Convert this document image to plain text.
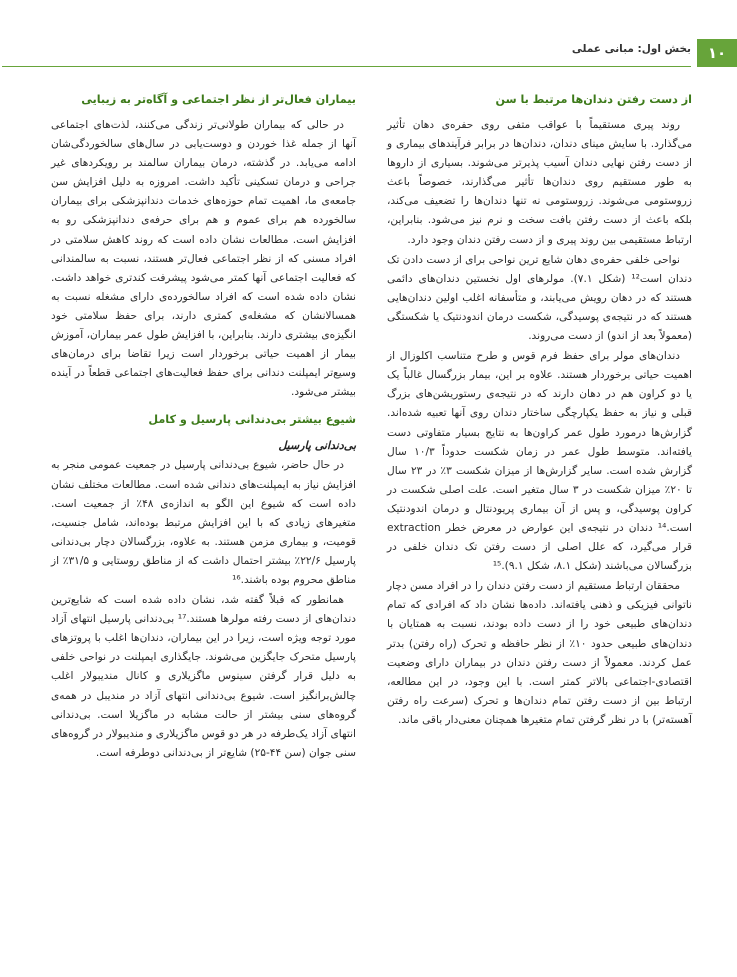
۱۰
بخش اول: مبانی عملی
از دست رفتن دندان‌ها مرتبط با سن

روند پیری مستقیماً با عواقب متفی روی حفره‌ی دهان تأثیر می‌گذارد. با سایش مینای دندان، دندان‌ها در برابر فرآیندهای بیماری و از دست رفتن نهایی دندان آسیب پذیرتر می‌شوند. بسیاری از داروها به طور مستقیم روی دندان‌ها تأثیر می‌گذارند، خصوصاً باعث زروستومی می‌شوند. زروستومی نه تنها دندان‌ها را تضعیف می‌کند، بلکه باعث از دست رفتن بافت سخت و نرم نیز می‌شود. بنابراین، ارتباط مستقیمی بین روند پیری و از دست رفتن دندان وجود دارد.

نواحی خلفی حفره‌ی دهان شایع ترین نواحی برای از دست دادن تک دندان است¹² (شکل ۷.۱). مولرهای اول نخستین دندان‌های دائمی هستند که در دهان رویش می‌یابند، و متأسفانه اغلب اولین دندان‌هایی هستند که در نتیجه‌ی پوسیدگی، شکست درمان اندودنتیک یا شکستگی (معمولاً بعد از اندو) از دست می‌روند.

دندان‌های مولر برای حفظ فرم قوس و طرح متناسب اکلوزال از اهمیت حیاتی برخوردار هستند. علاوه بر این، بیمار بزرگسال غالباً یک یا دو کراون هم در دهان دارند که در نتیجه‌ی رستوریشن‌های بزرگ قبلی و نیاز به حفظ یکپارچگی ساختار دندان روی آنها تعبیه شده‌اند. گزارش‌ها درمورد طول عمر کراون‌ها به نتایج بسیار متفاوتی دست یافته‌اند. متوسط طول عمر در زمان شکست حدوداً ۱۰/۳ سال گزارش شده است. سایر گزارش‌ها از میزان شکست ۳٪ در ۲۳ سال تا ۲۰٪ میزان شکست در ۳ سال متغیر است. علت اصلی شکست در کراون پوسیدگی، و پس از آن بیماری پریودنتال و درمان اندودنتیک است.¹⁴ دندان در نتیجه‌ی این عوارض در معرض خطر extraction قرار می‌گیرد، که علل اصلی از دست رفتن تک دندان خلفی در بزرگسالان می‌باشند (شکل ۸.۱، شکل ۹.۱).¹⁵

محققان ارتباط مستقیم از دست رفتن دندان را در افراد مسن دچار ناتوانی فیزیکی و ذهنی یافته‌اند. داده‌ها نشان داد که افرادی که تمام دندان‌های طبیعی خود را از دست داده بودند، نسبت به همتایان با دندان‌های طبیعی حدود ۱۰٪ از نظر حافظه و تحرک (راه رفتن) بدتر عمل کردند. معمولاً از دست رفتن دندان در بیماران دارای وضعیت اقتصادی-اجتماعی بالاتر کمتر است. با این وجود، در این مطالعه، ارتباط بین از دست رفتن تمام دندان‌ها و تحرک (سرعت راه رفتن آهسته‌تر) با در نظر گرفتن تمام متغیرها همچنان معنی‌دار باقی ماند.

بیماران فعال‌تر از نظر اجتماعی و آگاه‌تر به زیبایی

در حالی که بیماران طولانی‌تر زندگی می‌کنند، لذت‌های اجتماعی آنها از جمله غذا خوردن و دوست‌یابی در سال‌های سالخوردگی‌شان ادامه می‌یابد. در گذشته، درمان بیماران سالمند بر رویکردهای غیر جراحی و درمان تسکینی تأکید داشت. امروزه به دلیل افزایش سن جامعه‌ی ما، اهمیت تمام حوزه‌های خدمات دندانپزشکی برای بیماران سالخورده هم برای عموم و هم برای حرفه‌ی دندانپزشکی رو به افزایش است. مطالعات نشان داده است که روند کاهش سلامتی در افراد مسنی که از نظر اجتماعی فعال‌تر هستند، نسبت به سالمندانی که فعالیت اجتماعی آنها کمتر می‌شود پیشرفت کندتری خواهد داشت. نشان داده شده است که افراد سالخورده‌ی دارای مشغله نسبت به همسالانشان که مشغله‌ی کمتری دارند، برای حفظ سلامتی خود انگیزه‌ی بیشتری دارند. بنابراین، با افزایش طول عمر بیماران، آموزش بیمار از اهمیت حیاتی برخوردار است زیرا تقاضا برای درمان‌های وسیع‌تر ایمپلنت دندانی برای حفظ فعالیت‌های اجتماعی قطعاً در آینده بیشتر می‌شود.

شیوع بیشتر بی‌دندانی پارسیل و کامل
بی‌دندانی پارسیل

در حال حاضر، شیوع بی‌دندانی پارسیل در جمعیت عمومی منجر به افزایش نیاز به ایمپلنت‌های دندانی شده است. مطالعات مختلف نشان داده است که شیوع این الگو به اندازه‌ی ۴۸٪ از جمعیت است. متغیرهای زیادی که با این افزایش مرتبط بوده‌اند، شامل جنسیت، قومیت، و بیماری مزمن هستند. به علاوه، بزرگسالان دچار بی‌دندانی پارسیل ۲۲/۶٪ بیشتر احتمال داشت که از مناطق روستایی و ۳۱/۵٪ از مناطق محروم بوده باشند.¹⁶

همانطور که قبلاً گفته شد، نشان داده شده است که شایع‌ترین دندان‌های از دست رفته مولرها هستند.¹⁷ بی‌دندانی پارسیل انتهای آزاد مورد توجه ویژه است، زیرا در این بیماران، دندان‌ها اغلب با پروتزهای پارسیل متحرک جایگزین می‌شوند. جایگذاری ایمپلنت در نواحی خلفی به دلیل قرار گرفتن سینوس ماگزیلاری و کانال مندیبولار اغلب چالش‌برانگیز است. شیوع بی‌دندانی انتهای آزاد در مندیبل در همه‌ی گروه‌های سنی بیشتر از حالت مشابه در ماگزیلا است. بی‌دندانی انتهای آزاد یک‌طرفه در هر دو قوس ماگزیلاری و مندیبولار در گروه‌های سنی جوان (سن ۴۴-۲۵) شایع‌تر از بی‌دندانی دوطرفه است.
